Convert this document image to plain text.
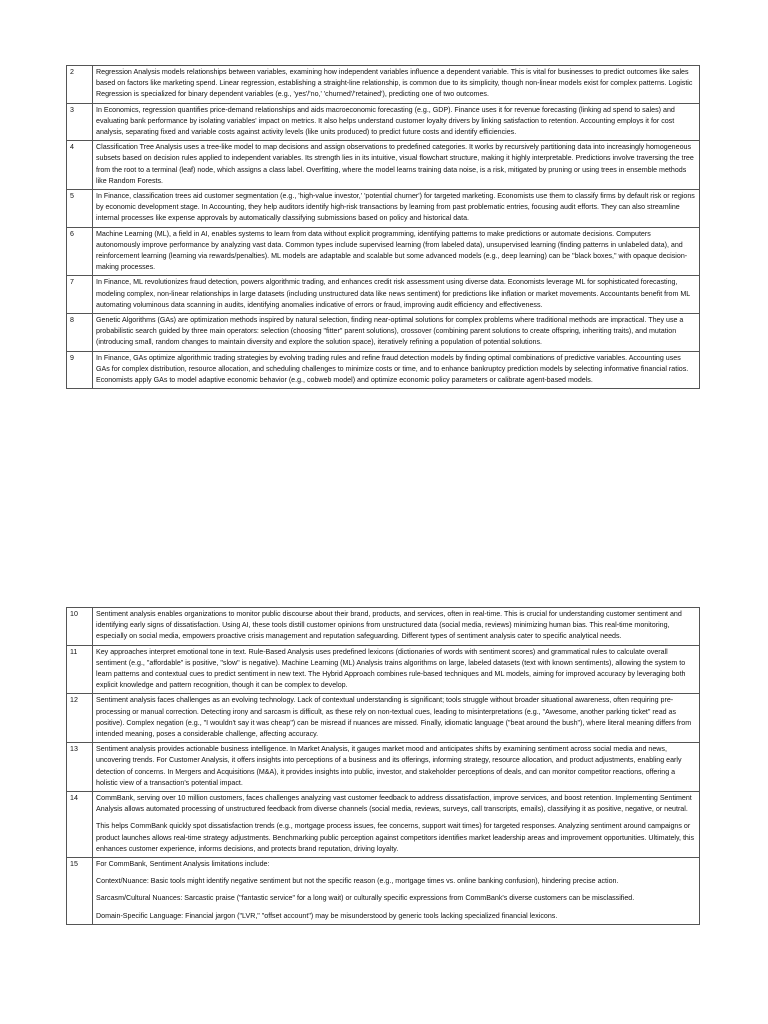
2	Regression Analysis models relationships between variables, examining how independent variables influence a dependent variable. This is vital for businesses to predict outcomes like sales based on factors like marketing spend. Linear regression, establishing a straight-line relationship, is common due to its simplicity, though non-linear models exist for complex patterns. Logistic Regression is specialized for binary dependent variables (e.g., 'yes'/'no,' 'churned'/'retained'), predicting one of two outcomes.

3	In Economics, regression quantifies price-demand relationships and aids macroeconomic forecasting (e.g., GDP). Finance uses it for revenue forecasting (linking ad spend to sales) and evaluating bank performance by isolating variables' impact on metrics. It also helps understand customer loyalty drivers by linking satisfaction to retention. Accounting employs it for cost analysis, separating fixed and variable costs against activity levels (like units produced) to predict future costs and identify efficiencies.

4	Classification Tree Analysis uses a tree-like model to map decisions and assign observations to predefined categories. It works by recursively partitioning data into increasingly homogeneous subsets based on decision rules applied to independent variables. Its strength lies in its intuitive, visual flowchart structure, making it highly interpretable. Predictions involve traversing the tree from the root to a terminal (leaf) node, which assigns a class label. Overfitting, where the model learns training data noise, is a risk, mitigated by pruning or using trees in ensemble methods like Random Forests.

5	In Finance, classification trees aid customer segmentation (e.g., 'high-value investor,' 'potential churner') for targeted marketing. Economists use them to classify firms by default risk or regions by economic development stage. In Accounting, they help auditors identify high-risk transactions by learning from past problematic entries, focusing audit efforts. They can also streamline internal processes like expense approvals by automatically classifying submissions based on policy and historical data.

6	Machine Learning (ML), a field in AI, enables systems to learn from data without explicit programming, identifying patterns to make predictions or automate decisions. Computers autonomously improve performance by analyzing vast data. Common types include supervised learning (from labeled data), unsupervised learning (finding patterns in unlabeled data), and reinforcement learning (learning via rewards/penalties). ML models are adaptable and scalable but some advanced models (e.g., deep learning) can be "black boxes," with opaque decision-making processes.

7	In Finance, ML revolutionizes fraud detection, powers algorithmic trading, and enhances credit risk assessment using diverse data. Economists leverage ML for sophisticated forecasting, modeling complex, non-linear relationships in large datasets (including unstructured data like news sentiment) for predictions like inflation or market movements. Accountants benefit from ML automating voluminous data scanning in audits, identifying anomalies indicative of errors or fraud, improving audit efficiency and effectiveness.

8	Genetic Algorithms (GAs) are optimization methods inspired by natural selection, finding near-optimal solutions for complex problems where traditional methods are impractical. They use a probabilistic search guided by three main operators: selection (choosing "fitter" parent solutions), crossover (combining parent solutions to create offspring, inheriting traits), and mutation (introducing small, random changes to maintain diversity and explore the solution space), iteratively refining a population of potential solutions.

9	In Finance, GAs optimize algorithmic trading strategies by evolving trading rules and refine fraud detection models by finding optimal combinations of predictive variables. Accounting uses GAs for complex distribution, resource allocation, and scheduling challenges to minimize costs or time, and to enhance bankruptcy prediction models by selecting informative financial ratios. Economists apply GAs to model adaptive economic behavior (e.g., cobweb model) and optimize economic policy parameters or calibrate agent-based models.
10	Sentiment analysis enables organizations to monitor public discourse about their brand, products, and services, often in real-time. This is crucial for understanding customer sentiment and identifying early signs of dissatisfaction. Using AI, these tools distill customer opinions from unstructured data (social media, reviews) minimizing human bias. This real-time monitoring, especially on social media, empowers proactive crisis management and reputation safeguarding. Different types of sentiment analysis cater to specific analytical needs.

11	Key approaches interpret emotional tone in text. Rule-Based Analysis uses predefined lexicons (dictionaries of words with sentiment scores) and grammatical rules to calculate overall sentiment (e.g., "affordable" is positive, "slow" is negative). Machine Learning (ML) Analysis trains algorithms on large, labeled datasets (text with known sentiments), allowing the system to learn patterns and contextual cues to predict sentiment in new text. The Hybrid Approach combines rule-based techniques and ML models, aiming for improved accuracy by leveraging both explicit knowledge and pattern recognition, though it can be complex to develop.

12	Sentiment analysis faces challenges as an evolving technology. Lack of contextual understanding is significant; tools struggle without broader situational awareness, often requiring pre-processing or manual correction. Detecting irony and sarcasm is difficult, as these rely on non-textual cues, leading to misinterpretations (e.g., "Awesome, another parking ticket" read as positive). Complex negation (e.g., "I wouldn't say it was cheap") can be misread if nuances are missed. Finally, idiomatic language ("beat around the bush"), where literal meaning differs from intended meaning, poses a considerable challenge, affecting accuracy.

13	Sentiment analysis provides actionable business intelligence. In Market Analysis, it gauges market mood and anticipates shifts by examining sentiment across social media and news, uncovering trends. For Customer Analysis, it offers insights into perceptions of a business and its offerings, informing strategy, resource allocation, and product adjustments, enabling early detection of concerns. In Mergers and Acquisitions (M&A), it provides insights into public, investor, and stakeholder perceptions of deals, and can monitor competitor reactions, offering a holistic view of a transaction's potential impact.

14	CommBank, serving over 10 million customers, faces challenges analyzing vast customer feedback to address dissatisfaction, improve services, and boost retention. Implementing Sentiment Analysis allows automated processing of unstructured feedback from diverse channels (social media, reviews, surveys, call transcripts, emails), classifying it as positive, negative, or neutral.
This helps CommBank quickly spot dissatisfaction trends (e.g., mortgage process issues, fee concerns, support wait times) for targeted responses. Analyzing sentiment around campaigns or product launches allows real-time strategy adjustments. Benchmarking public perception against competitors identifies market leadership areas and improvement opportunities. Ultimately, this enhances customer experience, informs decisions, and protects brand reputation, driving loyalty.

15	For CommBank, Sentiment Analysis limitations include:
Context/Nuance: Basic tools might identify negative sentiment but not the specific reason (e.g., mortgage times vs. online banking confusion), hindering precise action.
Sarcasm/Cultural Nuances: Sarcastic praise ("fantastic service" for a long wait) or culturally specific expressions from CommBank's diverse customers can be misclassified.
Domain-Specific Language: Financial jargon ("LVR," "offset account") may be misunderstood by generic tools lacking specialized financial lexicons.
